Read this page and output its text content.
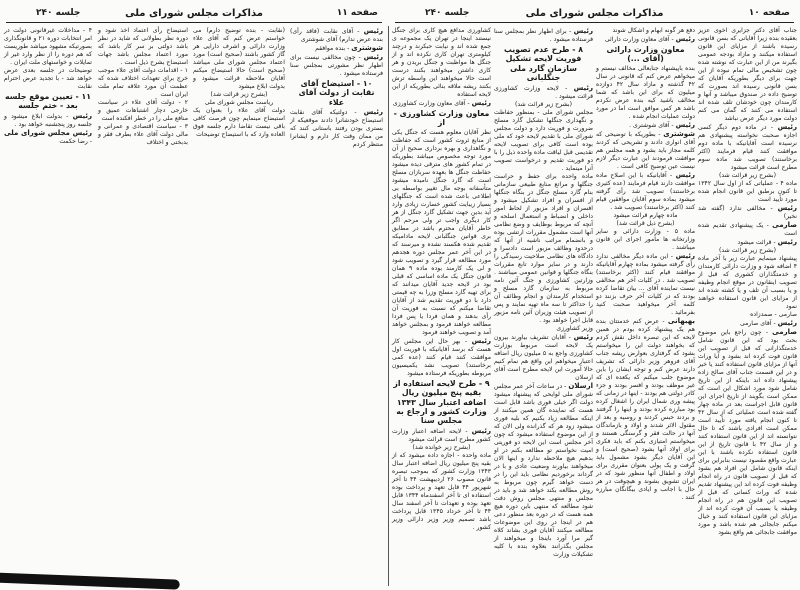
صفحه ۱۱
مذاکرات مجلس شورای ملی
جلسه ۲۴۰

رئیس - آقای نقابت (فاقد رأی) بنده عرض ندارم) آقای شوشتری

شوشتری - بنده موافقم

رئیس - چون مخالفی نیست برای اظهار نظر مشورتی بمجلس سنا فرستاده میشود .

۱۰ - استیضاح آقای نقابت از دولت آقای علاء

رئیس - دولتیکه آقای نقابت استیضاح خودشانرا دادند موقعیکه از بستری بودن رفتند باستانی کنند که من ممان وقت کار دارم و ایشانرا منتظر کردم

(نقابت - بنده توضیح دارم) می خواستم عرض کنم که آقای علاء وزارت دارائی و اشرف دارایی هر گاز کشور باشند (صحیح است) مورد اعتماد مجلس شورای ملی میباشد (صحیح است) حالا استیضاح میکنم آقایان ملاحظه قرائت میشود و بدولت ابلاغ میشود

(بشرح زیر قرائت شد)

ریاست مجلس شورای ملی

دولت آقای علاء را بعنوان یک استیضاح مینمایم چون فرصت کافی باقی نیست تقاضا دارم جلسه فوق العاده وارد که با استیضاح توضیحات

استیضاح رأی اعتماد اخذ شود و دوره نظر بطولانی که شاید در نظر باشد دولتی بر سر کار باشد که مورد اعتماد مجلس باشد جهات استیضاح بشرح ذیل است .

۱ - اقدامات دولت آقای علاء موجب خرج برای تعهدات اختلاف شده که عظمت آن مورد علاقه تمام ملت ایران است

۲ - دولت آقای علاء در سیاست خارجی دچار اشتباهات عمیق و منافع ملی را در خطر افکنده است

۳ - سیاست اقتصادی و عمرانی و مالی دولت آقای علاء بطرف فقر و بدبختی و اختلاف

۴ - مداخلات غیرقانونی دولت در امر انتخابات دوره ۲۱ و قانونگذاری بصورتیکه مشهود میباشد طوریست که هم دوره را از نظر وارد غیر از تمایلات و خواستهای ملت ایران .

توضیحات در جلسه بعدی عرض خواهد شد - با تجدید عرض احترام نقابت

۱۱ - تعیین موقع جلسه بعد - ختم جلسه

رئیس - بدولت ابلاغ میشود و جلسه روز پنجشنبه خواهد بود .

رئیس مجلس شورای ملی - رضا حکمت

صفحه ۱۰
مذاکرات مجلس شورای ملی
جلسه ۲۴۰

جناب آقای دکتر جزایری اخوی عزیز بعقیده بنده زیرا آقایانی که بسن قانونی رسیده باشند از مزایای این قانون استفاده میکنند و مازاد بودجه عمومی بگیرند من از این عبارت که نوشته شده چون تشخیص مالی تمام نبوده از این جهت برای دیگر بطوریکه آقایان که بسن قانونی رسیده اند بصورت که توضیح داده در صندوق میباشد و آنها و کارمندان چون خودشان تلف شده اند استفاده می کنند که گمان می کنم دولت مورد دیگر عرض نباشد

رئیس - در ماده دوم دیگر کسی اجازه صحبت نخواسته پیشنهادی هم نرسیده است آقایانیکه با ماده دوم موافقت کنند قیام فرمایند (اکثر برخاستند) تصویب شد ماده سوم مطرح است قرائت میشود

(بشرح زیر قرائت شد)

ماده ۴ - عملیاتی که از اول سال ۱۳۴۲ تا کنون برطبق این قانون انجام شده مورد تأیید است

رئیس - مخالفی ندارد (گفته شد نخیر)

صارمی - یک پیشنهادی تقدیم شده است

رئیس - قرائت میشود

(بشرح زیر قرائت شد)

پیشنهاد مینمایم عبارت زیر با آخر ماده ۴ اضافه شود و وزارت دارائی کارمندان و خدمتگذاران کشوری که قبل از تصویب اینقانون در موقع انجام وظیفه و یا بسبب آن تلف و یا کشته شده اند از مزایای این قانون استفاده خواهند نمود

صارمی - صمدزاده

رئیس - آقای صارمی

صارمی - چون راجع باین موضوع بحث بود که این قانون شامل خدمتگذارانی که قبل از تصویب این قانون فوت کرده اند بشود و آیا وراث آنها از مزایای قانون استفاده کنند یا خیر و در این قسمت جناب آقای صالح زاده پیشنهاد داده اند باینکه از این تاریخ شامل شود مورد اشکال این است که ممکن است بگویند از تاریخ اجرای این قانون قابل اجراست بعد در ماده چهار گفته شده است عملیاتی که از سال ۴۲ تا کنون انجام یافته مورد تأیید است ممکن است افرادی باشند که تا حال نتوانسته اند از این قانون استفاده کنند و از سال ۴۲ با قانون تاریخ از این قانون استفاده نکرده باشند با این عبارت واقع مقصود نیست بنابراین برای اینکه قانون شامل این افراد هم بشود که قبل از تصویب قانون در راه انجام وظیفه فوت کرده اند این پیشنهاد تقدیم شده که وراث کسانی که قبل از تصویب این قانون هم در راه انجام وظیفه یا بسبب آن فوت کرده اند از مزایای این قانون استفاده کنند و خیال میکنم جابجائی هم شده باشد و مورد موافقت جابجائی هم واقع بشود

دفع هر گونه ابهام و اشکال شوند

رئیس - آقای معاون وزارت دارائی

معاون وزارت دارائی (آقای ...)

بنده باپیشنهاد جنابعالی مخالف نیستم و میخواهم عرض کنم که قانونی در سال ۴۲ گذشته و مازاد سال ۴۲ دوازده میلیون که برای این باشد که شما مخالف باشید کیه بنده عرض نکردم باشد هر کس موافق است اما در مورد دولت عملیات انجام شده .

رئیس - آقای شوشتری .

شوشتری - بطوریکه با توضیحی که آقای انواری دادند و تشریحی که کردند کلمه مجاز باید بشود و همه مجلس هم موافقت فرمودند این عبارت دیگر لازم نیست عین توضیح کافی است .

رئیس - آقایانیکه با این اصلاح ماده موافقت دارند قیام فرمایند (عده کثیری برخاستند) تصویب شد رأی گرفته میشود بماده سوم آقایان موافقین قیام کنند (اکثر برخاستند) تصویب شد .

ماده چهارم قرائت میشود

(بشرح ذیل قرائت شد)

ماده ۵ - وزارت دارائی و سایر وزارتخانه ها مأمور اجرای این قانون میباشند .

رئیس - این ماده دیگر مخالفی ندارد رأی گرفته میشود بماده چهارم آقایانیکه موافقند قیام کنند (اکثر برخاستند) تصویب شد . در کلیات آخر هم مخالفی نیست نماینده آقای ... بیان تقاضا کرده بودند که در کلیات آخر حرف بزنند دو کلمه آخر میخواهید صحبت کنید بفرمائید .

بهبهانی - عرض کنم خدمتتان بنده هم یک پیشنهاد کرده بودم در همین لایحه که این تبصره داخل نقش کردم که بخواهند دولت این را میخواستم بشود که گرفتاری بعوارض ریشه جناب آقای فروهر وزیر دارائی که تشریف دارند عرض کنم و توجه ایشان را باین موضوع جلب میکنم که یکعده ای که غیر موظف بودند و افسر بودند و جزء کادر دولتی هم بودند - اینها در زمانی که پیشه وری شمال ایران را اشغال کرده بود مبارزه کرده بودند و اینها را گرفتند و بردند حبس کردند و روسیه و بعد از مقتول الاثر شدند و اولاد و بازماندگان آنها در حالت فقر و گرسنگی هستند و میخواستم امتیازی بکنم که باید فکری برای اولاد آنها بشود (صحیح است) و این آقایان دیگر بشود مشمول باید گرفت و یک پولی بعنوان مقرری برای اولاد و اطفال آنها منظور شود که در ایران تشویق بشوند و هیچوقت در هر حال با اجانب و ایادی بیگانگان مبارزه کنند .

رئیس - برای اظهار نظر بمجلس سنا فرستاده میشود .

۸ - طرح عدم تصویب فوریت لایحه تشکیل سازمان گارد ملی جنگلبانی

رئیس - لایحه وزارت کشاورزی قرائت میشود .

(بشرح زیر قرائت شد)

مجلس شورای ملی - بمنظور حفاظت و نگهداری جنگلها تشکیل گارد مسلح ضرورت و فوریت دارد و دولت مجلس شورای ملی با تقدیم لایحه خود که ملی بوده است کافی برای تصویب لایحه تقدیمی قبل لیاقت ماده واحده ذیل را با دو فوریت تقدیم و درخواست تصویب آنرا مینماید .

ماده واحده برای حفظ و حراست جنگلها و مراتع منابع طبیعی سازمانی بنام گارد مسلح جنگل در بنگاه جنگلها از افسران و افراد تشکیل میشود و افسران و افراد مزبور از لحاظ امور داخلی و انضباط و استعمال اسلحه و آنچه که مربوط بوظایف و وضع نظامی آنها است مشمول مقررات ارتشی بوده و بانضمام مراتب ناشیه از آنها که درحدود وظائف مزبور است دادسرا و دادگاه های نظامی صلاحیت رسیدگی را دارند و در سایر موارد تابع مقررات بنگاه جنگلها و قوانین عمومی میباشند . وزارتین کشاورزی و جنگ آئین نامه مربوط به سازمان گارد مسلح و استخدام کارمندان و انجام وظائف آن را حداکثر تا سه ماه تهیه نمایند و پس از تصویب هیئت وزیران آئین نامه مزبور قابل اجرا خواهد بود .

وزیر کشاورزی

رئیس - آقایان تشریف بیاورند بیرون یک لایحه است مربوط بوزارت کشاورزی واجع به ۵ میلیون ریال اضافه اعتبار میخواهم این واقع هم نمام کنیم حالا آمورت این لایحه مطرح است آقای ارسلان

ارسلان - در ساعات آخر عمر مجلس شورای ملی لوایحی که پیشنهاد میشود دولت اگر خیلی فوری باشد قابل است هست که نماینده گان همین میکنند از اینکه مطالعه زیاد بکنیم که بلیه فوری میشود زود هر که گذرانده ولی الان که از این موضوع استفاده میشود که چون آخر مجلس است این لایحه دو فوریتی امیت نخواستم تو مطالعه بکنم در او بدهیم هیچ ملاحظه ندارد و اینها الان میخواهند بیاورند وضعیت عادی و با در گرداند برخوردیم نظامی باید این را در دست خواهد گیرم چون مربوط به روش مطالعه بکند خواهد شد و باید در مجلس و منتهی مجلس روش دقت شود مطالعه که منتهی باین دوره هیچ همه هست که در دوره بعد منظور دعی هم در اینجا در روی این موضوعات مطالعه میکنند آقایان فوری بشاند کلاه گیر مرا آورد باینجا و میخواهند از مجلس بگذرانند بعلاوه بنده با کلیه تشکیلات وزارت

کشاورزی مدافع هیچ کاری برای جنگل نیستند اینجا در تهران یک مجموعه ی جمع شده اند و نیابت حبکرند و درچند کیلومتری تهران کاری نکرده اند و از جنگل ها مواظبت و جنگل بریدن و هر کاری داشتن میخواهند بکنند درست است حالا میخواهند این واسطه ترش بکنند ریشه ملاقه بنائی بطوریکه از این لایحه استفاده

رئیس - آقای معاون وزارت کشاورزی

معاون وزارت کشاورزی - از

نظر آقایان معلوم هست که جنگل یکی از منابع ثروت کشور است که حفاظت و نگاهداری و بهره برداری صحیح از آن مورد توجه مخصوص میباشد بطوریکه در تمام کشور های مترقی دیده میشود حفاظت جنگل ها بعهده سربازان مسلح است که گارد جنگل نامیده میشود متأسفانه بوجه مال تغییر بواسطه بی اطلاعی باعث شده است که جنگلهای بسیار زیبایت کشور خسارت زیادی وارد آید بدین جهت تشکیل گارد جنگل از هر کار دیگری واجب تر ولی مرحم اگر خاطر آقایان محترم باشد در مطابق بری قوانین جنگلبانی لایحه مادامیکه تقدیم شده هکسند نشده و میرسند که در این آخر عمر مجلس دوره هجدهم مورد مطالعه قرار گیرد و تصویب شود و لی یک کارمند بوده ماده ۹ همان قانون جنگل یک ماده اساسی که قبلی بود در لایحه جدید آقایان میدانند که برای تهیه گارد مسلح وزرا به چه قیمتی دارد با دو فوریت تقدیم شد از آقایان تقاضا میکنم که نسبت به فوریت آن رأی بدهند و همان فردا یا پس فردا مطالعه خواهند فرمود و بمجلس خواهد آمد و تصویب خواهند فرمود

رئیس - بهر حال این مجلس کار هست که برسد آقایانیکه با فوریت اول موافقت کنند قیام کنند (عده کمی برخاستند) تصویب نشد یکمیسیون مربوطه بطوریکه فرستاده میشود

۹ - طرح لایحه استفاده از بقیه پنج میلیون ریال اضافه اعتبار سال ۱۳۴۳ وزارت کشور و ارجاع به مجلس سنا

رئیس - لایحه اضافه اعتبار وزارت کشور مطرح است قرائت میشود

(بشرح زیر خوانده شد)

ماده واحده - اجازه داده میشود که از بقیه پنج میلیون ریال اضافه اعتبار سال ۱۳۴۳ وزارت کشور که بموجب تبصره قانون مصوب ۲۶ اردیبهشت ۴۴ تا آخر شهریور ۴۴ قابل تعهد و پرداخت بوده استفاده ای تا آخر اسفندماه ۱۳۴۴ قابل تعهد بوده و تعهدات تا آخر اسفند سال ۴۴ تا آخر خرداد ۱۳۴۵ قابل پرداخت باشد تصمیم وزیر وزیر دارائی وزیر کشور .
